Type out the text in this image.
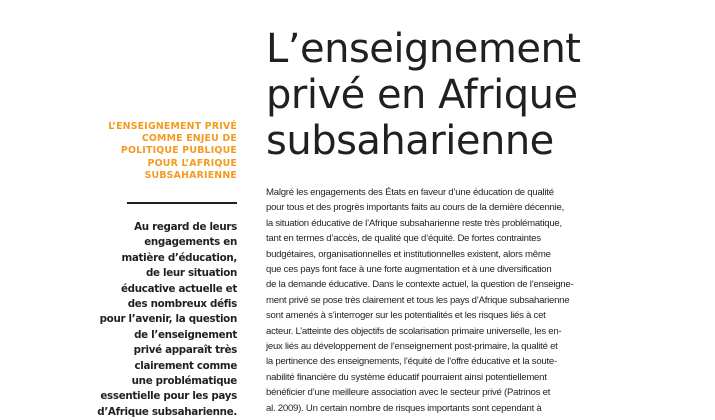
L’enseignement
privé en Afrique
subsaharienne
L’ENSEIGNEMENT PRIVÉ
COMME ENJEU DE
POLITIQUE PUBLIQUE
POUR L’AFRIQUE
SUBSAHARIENNE
Au regard de leurs
engagements en
matière d’éducation,
de leur situation
éducative actuelle et
des nombreux défis
pour l’avenir, la question
de l’enseignement
privé apparaît très
clairement comme
une problématique
essentielle pour les pays
d’Afrique subsaharienne.
Malgré les engagements des États en faveur d’une éducation de qualité
pour tous et des progrès importants faits au cours de la dernière décennie,
la situation éducative de l’Afrique subsaharienne reste très problématique,
tant en termes d’accès, de qualité que d’équité. De fortes contraintes
budgétaires, organisationnelles et institutionnelles existent, alors même
que ces pays font face à une forte augmentation et à une diversification
de la demande éducative. Dans le contexte actuel, la question de l’enseigne-
ment privé se pose très clairement et tous les pays d’Afrique subsaharienne
sont amenés à s’interroger sur les potentialités et les risques liés à cet
acteur. L’atteinte des objectifs de scolarisation primaire universelle, les en-
jeux liés au développement de l’enseignement post-primaire, la qualité et
la pertinence des enseignements, l’équité de l’offre éducative et la soute-
nabilité financière du système éducatif pourraient ainsi potentiellement
bénéficier d’une meilleure association avec le secteur privé (Patrinos et
al. 2009). Un certain nombre de risques importants sont cependant à
